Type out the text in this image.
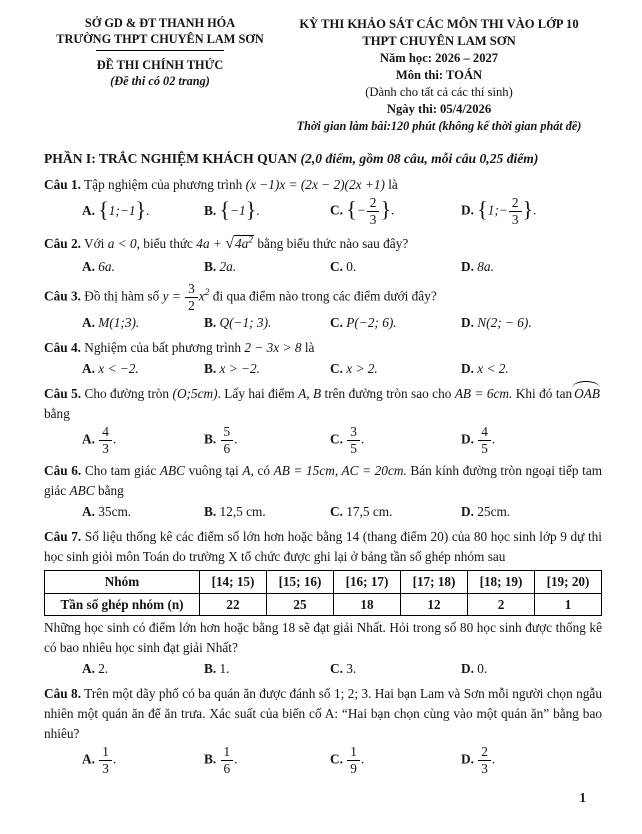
SỞ GD & ĐT THANH HÓA
TRƯỜNG THPT CHUYÊN LAM SƠN
ĐỀ THI CHÍNH THỨC
(Đề thi có 02 trang)
KỲ THI KHẢO SÁT CÁC MÔN THI VÀO LỚP 10
THPT CHUYÊN LAM SƠN
Năm học: 2026 – 2027
Môn thi: TOÁN
(Dành cho tất cả các thí sinh)
Ngày thi: 05/4/2026
Thời gian làm bài:120 phút (không kể thời gian phát đề)
PHẦN I: TRẮC NGHIỆM KHÁCH QUAN (2,0 điểm, gồm 08 câu, mỗi câu 0,25 điểm)
Câu 1. Tập nghiệm của phương trình (x −1)x = (2x − 2)(2x +1) là
A. {1;−1}.	B. {−1}.	C. {− $\frac{2}{3}$ }.	D. {1;− $\frac{2}{3}$ }.
Câu 2. Với a < 0, biểu thức $4a + √4a^2$ bằng biểu thức nào sau đây?
A. 6a.	B. 2a.	C. 0.	D. 8a.
Câu 3. Đồ thị hàm số $y = \frac{3}{2} x^2$ đi qua điểm nào trong các điểm dưới đây?
A. M(1;3).	B. Q(−1; 3).	C. P(−2; 6).	D. N(2; − 6).
Câu 4. Nghiệm của bất phương trình 2 − 3x > 8 là
A. x < −2.	B. x > −2.	C. x > 2.	D. x < 2.
Câu 5. Cho đường tròn (O;5cm). Lấy hai điểm A, B trên đường tròn sao cho AB = 6cm. Khi đó tan OAB bằng
A. $\frac{4}{3}$ .	B. $\frac{5}{6}$ .	C. $\frac{3}{5}$ .	D. $\frac{4}{5}$ .
Câu 6. Cho tam giác ABC vuông tại A, có AB = 15cm, AC = 20cm. Bán kính đường tròn ngoại tiếp tam giác ABC bằng
A. 35cm.	B. 12,5 cm.	C. 17,5 cm.	D. 25cm.
Câu 7. Số liệu thống kê các điểm số lớn hơn hoặc bằng 14 (thang điểm 20) của 80 học sinh lớp 9 dự thi học sinh giỏi môn Toán do trường X tổ chức được ghi lại ở bảng tần số ghép nhóm sau
Nhóm	[14; 15)	[15; 16)	[16; 17)	[17; 18)	[18; 19)	[19; 20)
Tần số ghép nhóm (n)	22	25	18	12	2	1
Những học sinh có điểm lớn hơn hoặc bằng 18 sẽ đạt giải Nhất. Hỏi trong số 80 học sinh được thống kê có bao nhiêu học sinh đạt giải Nhất?
A. 2.	B. 1.	C. 3.	D. 0.
Câu 8. Trên một dãy phố có ba quán ăn được đánh số 1; 2; 3. Hai bạn Lam và Sơn mỗi người chọn ngẫu nhiên một quán ăn để ăn trưa. Xác suất của biến cố A: “Hai bạn chọn cùng vào một quán ăn” bằng bao nhiêu?
A. $\frac{1}{3}$ .	B. $\frac{1}{6}$ .	C. $\frac{1}{9}$ .	D. $\frac{2}{3}$ .
1
